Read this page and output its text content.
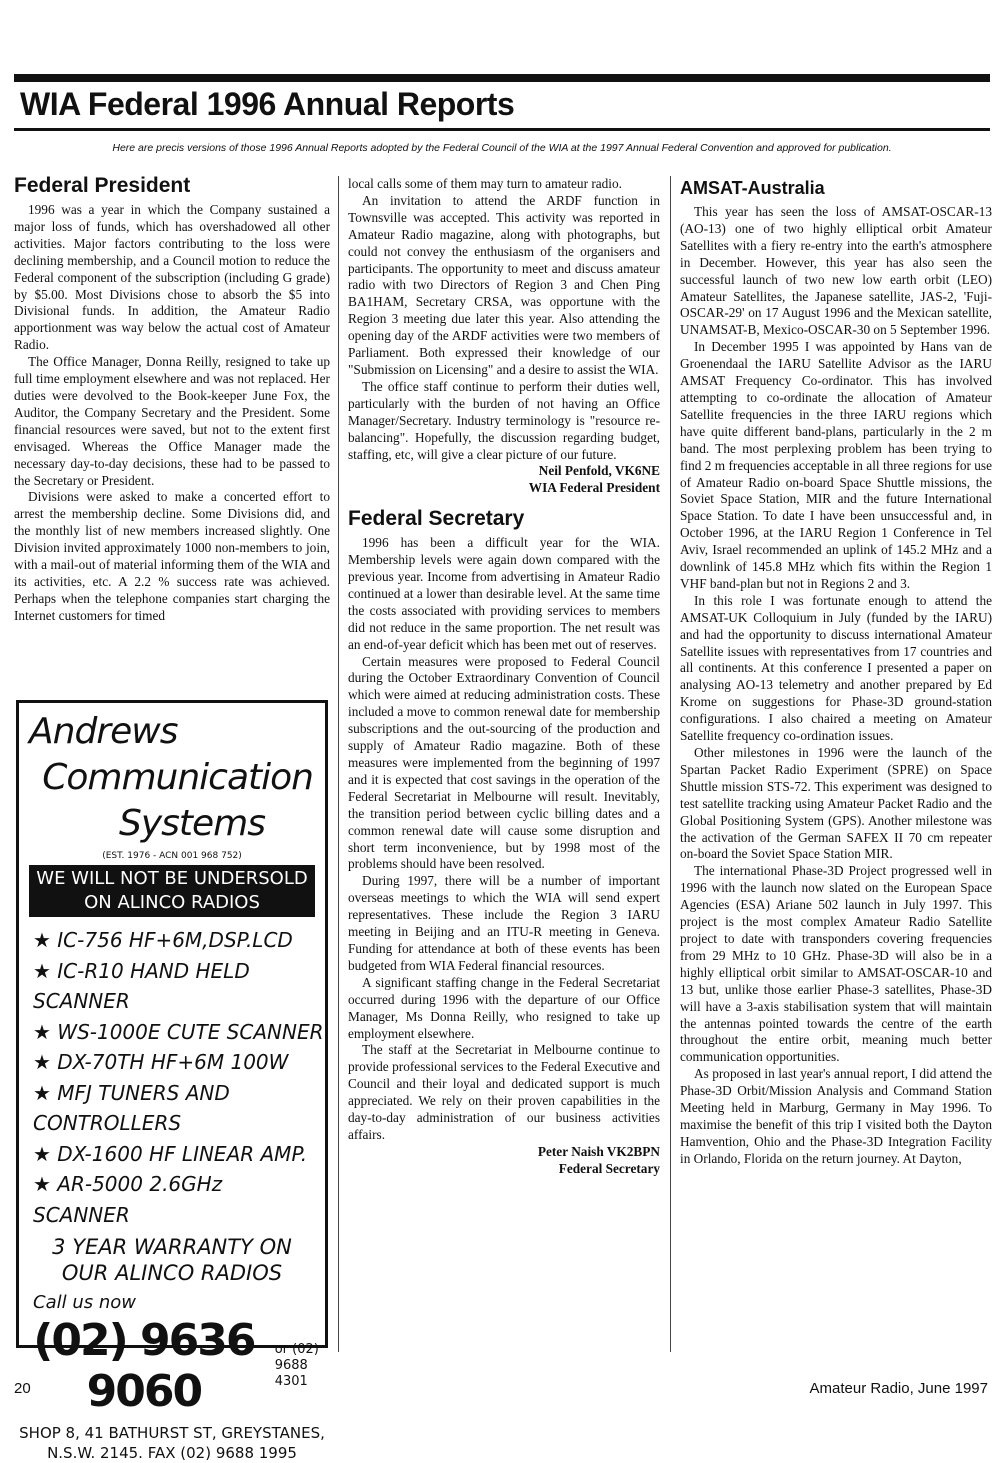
WIA Federal 1996 Annual Reports

Here are precis versions of those 1996 Annual Reports adopted by the Federal Council of the WIA at the 1997 Annual Federal Convention and approved for publication.

Federal President

1996 was a year in which the Company sustained a major loss of funds, which has overshadowed all other activities. Major factors contributing to the loss were declining membership, and a Council motion to reduce the Federal component of the subscription (including G grade) by $5.00. Most Divisions chose to absorb the $5 into Divisional funds. In addition, the Amateur Radio apportionment was way below the actual cost of Amateur Radio.

The Office Manager, Donna Reilly, resigned to take up full time employment elsewhere and was not replaced. Her duties were devolved to the Book-keeper June Fox, the Auditor, the Company Secretary and the President. Some financial resources were saved, but not to the extent first envisaged. Whereas the Office Manager made the necessary day-to-day decisions, these had to be passed to the Secretary or President.

Divisions were asked to make a concerted effort to arrest the membership decline. Some Divisions did, and the monthly list of new members increased slightly. One Division invited approximately 1000 non-members to join, with a mail-out of material informing them of the WIA and its activities, etc. A 2.2 % success rate was achieved. Perhaps when the telephone companies start charging the Internet customers for timed

Andrews
Communication
Systems
(EST. 1976 - ACN 001 968 752)
WE WILL NOT BE UNDERSOLD
ON ALINCO RADIOS
★ IC-756 HF+6M,DSP.LCD
★ IC-R10 HAND HELD SCANNER
★ WS-1000E CUTE SCANNER
★ DX-70TH HF+6M 100W
★ MFJ TUNERS AND CONTROLLERS
★ DX-1600 HF LINEAR AMP.
★ AR-5000 2.6GHz SCANNER
3 YEAR WARRANTY ON
OUR ALINCO RADIOS
Call us now
(02) 9636 9060
or (02)
9688 4301
SHOP 8, 41 BATHURST ST, GREYSTANES,
N.S.W. 2145. FAX (02) 9688 1995

local calls some of them may turn to amateur radio.

An invitation to attend the ARDF function in Townsville was accepted. This activity was reported in Amateur Radio magazine, along with photographs, but could not convey the enthusiasm of the organisers and participants. The opportunity to meet and discuss amateur radio with two Directors of Region 3 and Chen Ping BA1HAM, Secretary CRSA, was opportune with the Region 3 meeting due later this year. Also attending the opening day of the ARDF activities were two members of Parliament. Both expressed their knowledge of our "Submission on Licensing" and a desire to assist the WIA.

The office staff continue to perform their duties well, particularly with the burden of not having an Office Manager/Secretary. Industry terminology is "resource re-balancing". Hopefully, the discussion regarding budget, staffing, etc, will give a clear picture of our future.

Neil Penfold, VK6NE

WIA Federal President

Federal Secretary

1996 has been a difficult year for the WIA. Membership levels were again down compared with the previous year. Income from advertising in Amateur Radio continued at a lower than desirable level. At the same time the costs associated with providing services to members did not reduce in the same proportion. The net result was an end-of-year deficit which has been met out of reserves.

Certain measures were proposed to Federal Council during the October Extraordinary Convention of Council which were aimed at reducing administration costs. These included a move to common renewal date for membership subscriptions and the out-sourcing of the production and supply of Amateur Radio magazine. Both of these measures were implemented from the beginning of 1997 and it is expected that cost savings in the operation of the Federal Secretariat in Melbourne will result. Inevitably, the transition period between cyclic billing dates and a common renewal date will cause some disruption and short term inconvenience, but by 1998 most of the problems should have been resolved.

During 1997, there will be a number of important overseas meetings to which the WIA will send expert representatives. These include the Region 3 IARU meeting in Beijing and an ITU-R meeting in Geneva. Funding for attendance at both of these events has been budgeted from WIA Federal financial resources.

A significant staffing change in the Federal Secretariat occurred during 1996 with the departure of our Office Manager, Ms Donna Reilly, who resigned to take up employment elsewhere.

The staff at the Secretariat in Melbourne continue to provide professional services to the Federal Executive and Council and their loyal and dedicated support is much appreciated. We rely on their proven capabilities in the day-to-day administration of our business activities affairs.

Peter Naish VK2BPN

Federal Secretary

AMSAT-Australia

This year has seen the loss of AMSAT-OSCAR-13 (AO-13) one of two highly elliptical orbit Amateur Satellites with a fiery re-entry into the earth's atmosphere in December. However, this year has also seen the successful launch of two new low earth orbit (LEO) Amateur Satellites, the Japanese satellite, JAS-2, 'Fuji-OSCAR-29' on 17 August 1996 and the Mexican satellite, UNAMSAT-B, Mexico-OSCAR-30 on 5 September 1996.

In December 1995 I was appointed by Hans van de Groenendaal the IARU Satellite Advisor as the IARU AMSAT Frequency Co-ordinator. This has involved attempting to co-ordinate the allocation of Amateur Satellite frequencies in the three IARU regions which have quite different band-plans, particularly in the 2 m band. The most perplexing problem has been trying to find 2 m frequencies acceptable in all three regions for use of Amateur Radio on-board Space Shuttle missions, the Soviet Space Station, MIR and the future International Space Station. To date I have been unsuccessful and, in October 1996, at the IARU Region 1 Conference in Tel Aviv, Israel recommended an uplink of 145.2 MHz and a downlink of 145.8 MHz which fits within the Region 1 VHF band-plan but not in Regions 2 and 3.

In this role I was fortunate enough to attend the AMSAT-UK Colloquium in July (funded by the IARU) and had the opportunity to discuss international Amateur Satellite issues with representatives from 17 countries and all continents. At this conference I presented a paper on analysing AO-13 telemetry and another prepared by Ed Krome on suggestions for Phase-3D ground-station configurations. I also chaired a meeting on Amateur Satellite frequency co-ordination issues.

Other milestones in 1996 were the launch of the Spartan Packet Radio Experiment (SPRE) on Space Shuttle mission STS-72. This experiment was designed to test satellite tracking using Amateur Packet Radio and the Global Positioning System (GPS). Another milestone was the activation of the German SAFEX II 70 cm repeater on-board the Soviet Space Station MIR.

The international Phase-3D Project progressed well in 1996 with the launch now slated on the European Space Agencies (ESA) Ariane 502 launch in July 1997. This project is the most complex Amateur Radio Satellite project to date with transponders covering frequencies from 29 MHz to 10 GHz. Phase-3D will also be in a highly elliptical orbit similar to AMSAT-OSCAR-10 and 13 but, unlike those earlier Phase-3 satellites, Phase-3D will have a 3-axis stabilisation system that will maintain the antennas pointed towards the centre of the earth throughout the entire orbit, meaning much better communication opportunities.

As proposed in last year's annual report, I did attend the Phase-3D Orbit/Mission Analysis and Command Station Meeting held in Marburg, Germany in May 1996. To maximise the benefit of this trip I visited both the Dayton Hamvention, Ohio and the Phase-3D Integration Facility in Orlando, Florida on the return journey. At Dayton,

20	Amateur Radio, June 1997
